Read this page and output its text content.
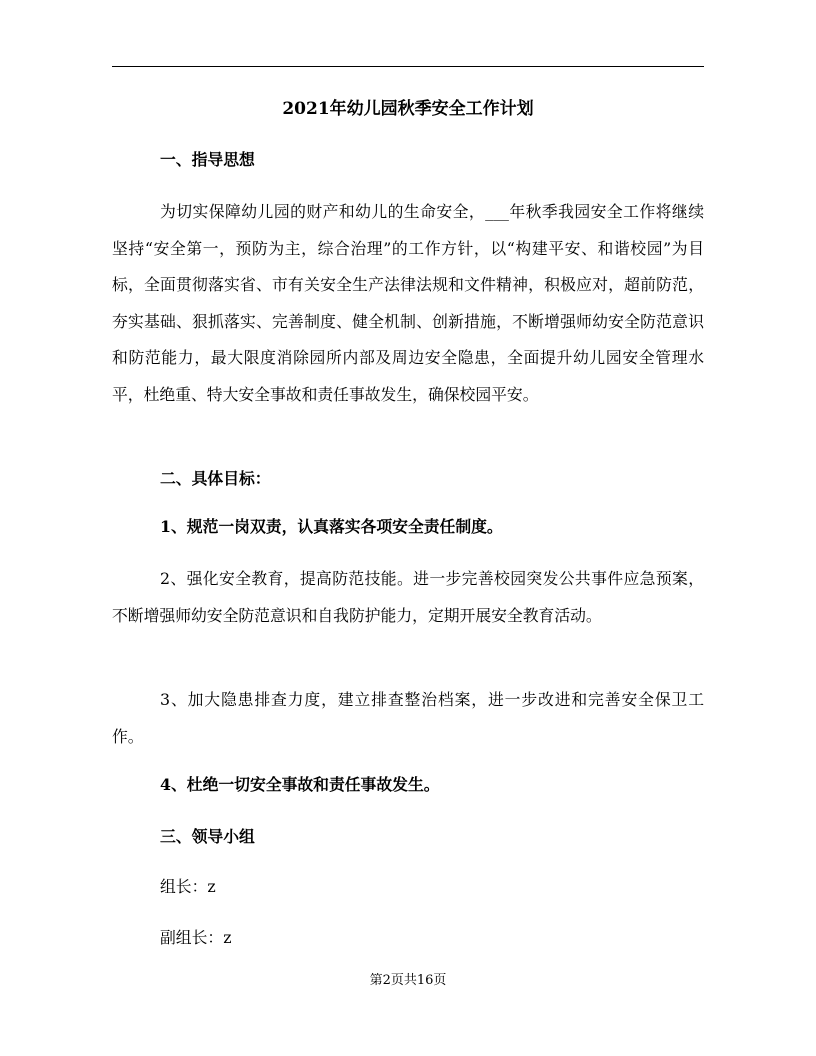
2021年幼儿园秋季安全工作计划
一、指导思想

为切实保障幼儿园的财产和幼儿的生命安全，___年秋季我园安全工作将继续坚持“安全第一，预防为主，综合治理”的工作方针，以“构建平安、和谐校园”为目标，全面贯彻落实省、市有关安全生产法律法规和文件精神，积极应对，超前防范，夯实基础、狠抓落实、完善制度、健全机制、创新措施，不断增强师幼安全防范意识和防范能力，最大限度消除园所内部及周边安全隐患，全面提升幼儿园安全管理水平，杜绝重、特大安全事故和责任事故发生，确保校园平安。

二、具体目标：
1、规范一岗双责，认真落实各项安全责任制度。

2、强化安全教育，提高防范技能。进一步完善校园突发公共事件应急预案，不断增强师幼安全防范意识和自我防护能力，定期开展安全教育活动。

3、加大隐患排查力度，建立排查整治档案，进一步改进和完善安全保卫工作。

4、杜绝一切安全事故和责任事故发生。
三、领导小组
组长：z
副组长：z
第2页共16页
